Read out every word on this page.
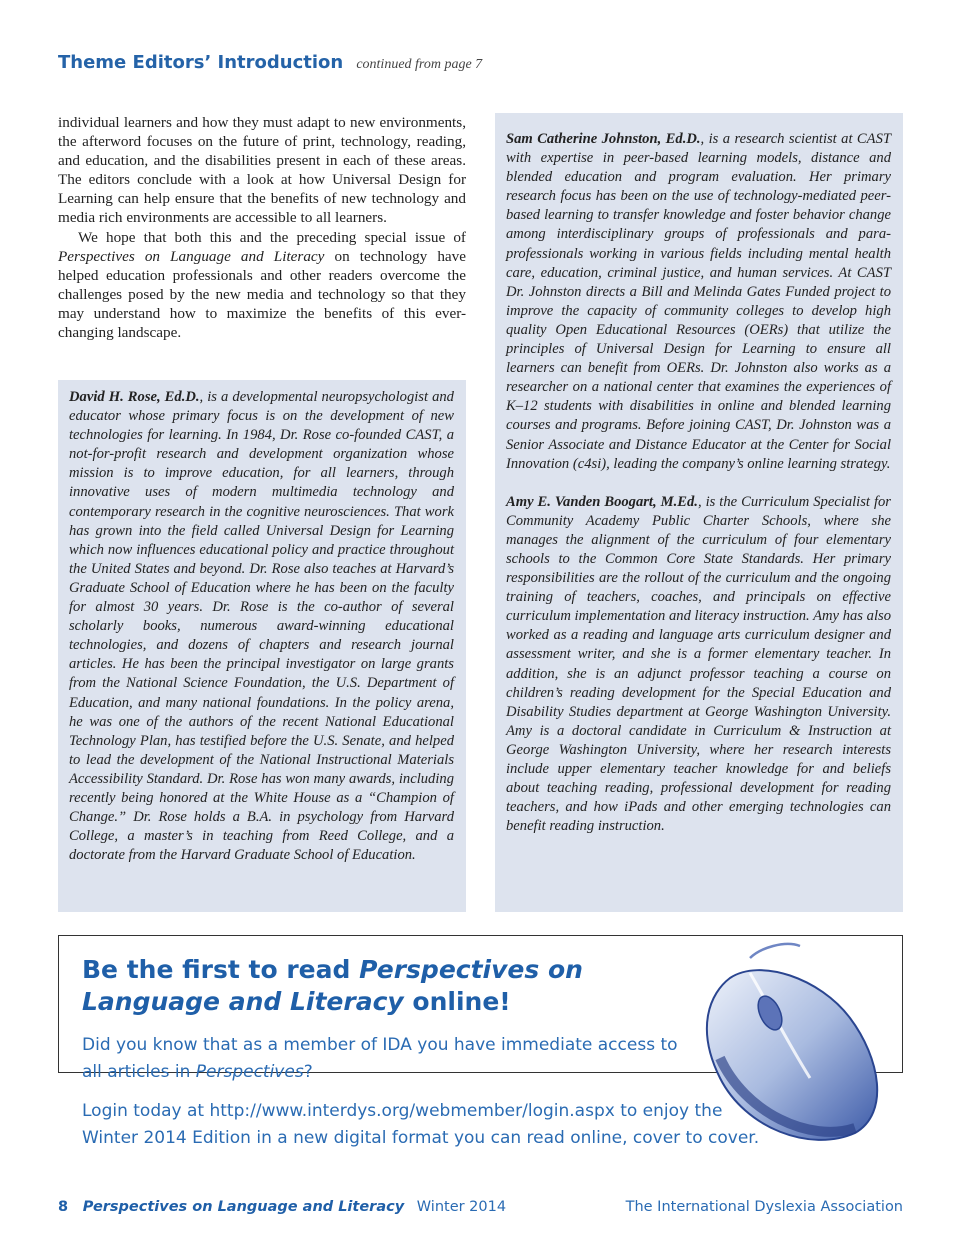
Theme Editors’ Introduction continued from page 7

individual learners and how they must adapt to new environments, the afterword focuses on the future of print, technology, reading, and education, and the disabilities present in each of these areas. The editors conclude with a look at how Universal Design for Learning can help ensure that the benefits of new technology and media rich environments are accessible to all learners.

We hope that both this and the preceding special issue of Perspectives on Language and Literacy on technology have helped education professionals and other readers overcome the challenges posed by the new media and technology so that they may understand how to maximize the benefits of this ever-changing landscape.

David H. Rose, Ed.D., is a developmental neuropsychologist and educator whose primary focus is on the development of new technologies for learning. In 1984, Dr. Rose co-founded CAST, a not-for-profit research and development organization whose mission is to improve education, for all learners, through innovative uses of modern multimedia technology and contemporary research in the cognitive neurosciences. That work has grown into the field called Universal Design for Learning which now influences educational policy and practice throughout the United States and beyond. Dr. Rose also teaches at Harvard’s Graduate School of Education where he has been on the faculty for almost 30 years. Dr. Rose is the co-author of several scholarly books, numerous award-winning educational technologies, and dozens of chapters and research journal articles. He has been the principal investigator on large grants from the National Science Foundation, the U.S. Department of Education, and many national foundations. In the policy arena, he was one of the authors of the recent National Educational Technology Plan, has testified before the U.S. Senate, and helped to lead the development of the National Instructional Materials Accessibility Standard. Dr. Rose has won many awards, including recently being honored at the White House as a “Champion of Change.” Dr. Rose holds a B.A. in psychology from Harvard College, a master’s in teaching from Reed College, and a doctorate from the Harvard Graduate School of Education.

Sam Catherine Johnston, Ed.D., is a research scientist at CAST with expertise in peer-based learning models, distance and blended education and program evaluation. Her primary research focus has been on the use of technology-mediated peer-based learning to transfer knowledge and foster behavior change among interdisciplinary groups of professionals and para-professionals working in various fields including mental health care, education, criminal justice, and human services. At CAST Dr. Johnston directs a Bill and Melinda Gates Funded project to improve the capacity of community colleges to develop high quality Open Educational Resources (OERs) that utilize the principles of Universal Design for Learning to ensure all learners can benefit from OERs. Dr. Johnston also works as a researcher on a national center that examines the experiences of K–12 students with disabilities in online and blended learning courses and programs. Before joining CAST, Dr. Johnston was a Senior Associate and Distance Educator at the Center for Social Innovation (c4si), leading the company’s online learning strategy.

Amy E. Vanden Boogart, M.Ed., is the Curriculum Specialist for Community Academy Public Charter Schools, where she manages the alignment of the curriculum of four elementary schools to the Common Core State Standards. Her primary responsibilities are the rollout of the curriculum and the ongoing training of teachers, coaches, and principals on effective curriculum implementation and literacy instruction. Amy has also worked as a reading and language arts curriculum designer and assessment writer, and she is a former elementary teacher. In addition, she is an adjunct professor teaching a course on children’s reading development for the Special Education and Disability Studies department at George Washington University. Amy is a doctoral candidate in Curriculum & Instruction at George Washington University, where her research interests include upper elementary teacher knowledge for and beliefs about teaching reading, professional development for reading teachers, and how iPads and other emerging technologies can benefit reading instruction.

Be the first to read Perspectives on Language and Literacy online!
Did you know that as a member of IDA you have immediate access to all articles in Perspectives?
Login today at http://www.interdys.org/webmember/login.aspx to enjoy the Winter 2014 Edition in a new digital format you can read online, cover to cover.
8 Perspectives on Language and Literacy Winter 2014	The International Dyslexia Association
